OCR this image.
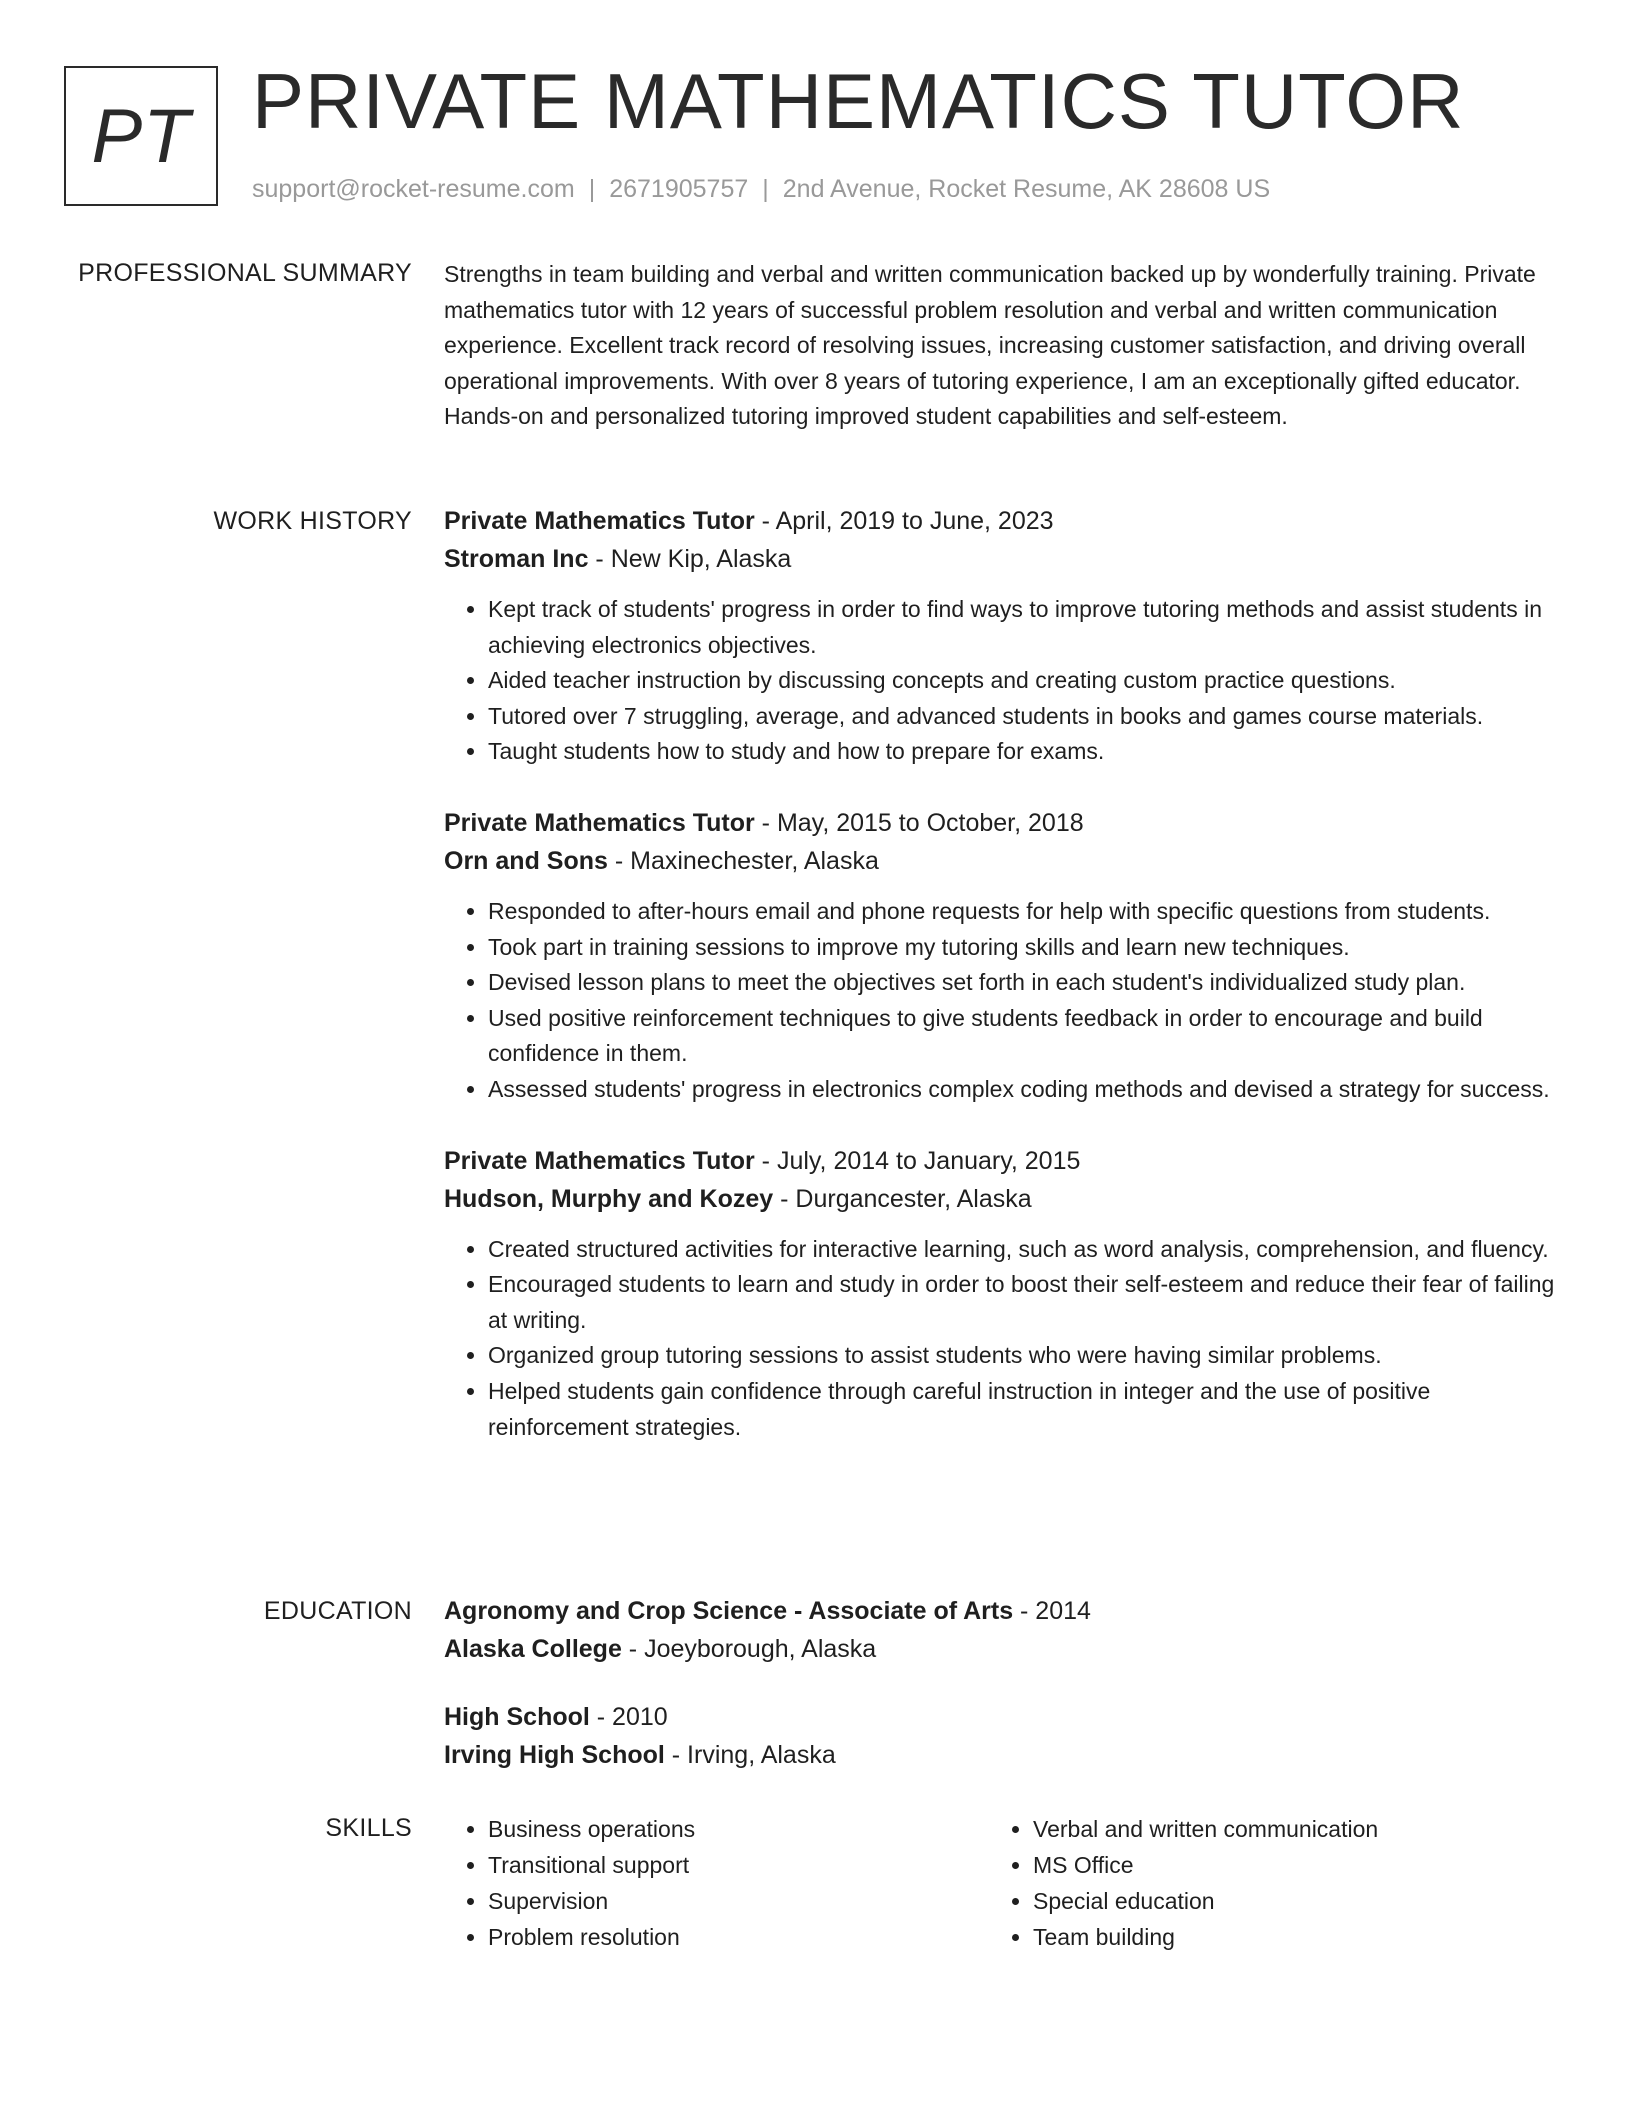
PT PRIVATE MATHEMATICS TUTOR
support@rocket-resume.com | 2671905757 | 2nd Avenue, Rocket Resume, AK 28608 US
PROFESSIONAL SUMMARY Strengths in team building and verbal and written communication backed up by wonderfully training. Private mathematics tutor with 12 years of successful problem resolution and verbal and written communication experience. Excellent track record of resolving issues, increasing customer satisfaction, and driving overall operational improvements. With over 8 years of tutoring experience, I am an exceptionally gifted educator. Hands-on and personalized tutoring improved student capabilities and self-esteem.

WORK HISTORY Private Mathematics Tutor - April, 2019 to June, 2023
Stroman Inc - New Kip, Alaska
• Kept track of students' progress in order to find ways to improve tutoring methods and assist students in achieving electronics objectives.
• Aided teacher instruction by discussing concepts and creating custom practice questions.
• Tutored over 7 struggling, average, and advanced students in books and games course materials.
• Taught students how to study and how to prepare for exams.
Private Mathematics Tutor - May, 2015 to October, 2018
Orn and Sons - Maxinechester, Alaska
• Responded to after-hours email and phone requests for help with specific questions from students.
• Took part in training sessions to improve my tutoring skills and learn new techniques.
• Devised lesson plans to meet the objectives set forth in each student's individualized study plan.
• Used positive reinforcement techniques to give students feedback in order to encourage and build confidence in them.
• Assessed students' progress in electronics complex coding methods and devised a strategy for success.
Private Mathematics Tutor - July, 2014 to January, 2015
Hudson, Murphy and Kozey - Durgancester, Alaska
• Created structured activities for interactive learning, such as word analysis, comprehension, and fluency.
• Encouraged students to learn and study in order to boost their self-esteem and reduce their fear of failing at writing.
• Organized group tutoring sessions to assist students who were having similar problems.
• Helped students gain confidence through careful instruction in integer and the use of positive reinforcement strategies.
EDUCATION Agronomy and Crop Science - Associate of Arts - 2014
Alaska College - Joeyborough, Alaska
High School - 2010
Irving High School - Irving, Alaska
SKILLS
•	Business operations
• Transitional support
• Supervision
• Problem resolution
• Verbal and written communication
• MS Office
• Special education
• Team building
